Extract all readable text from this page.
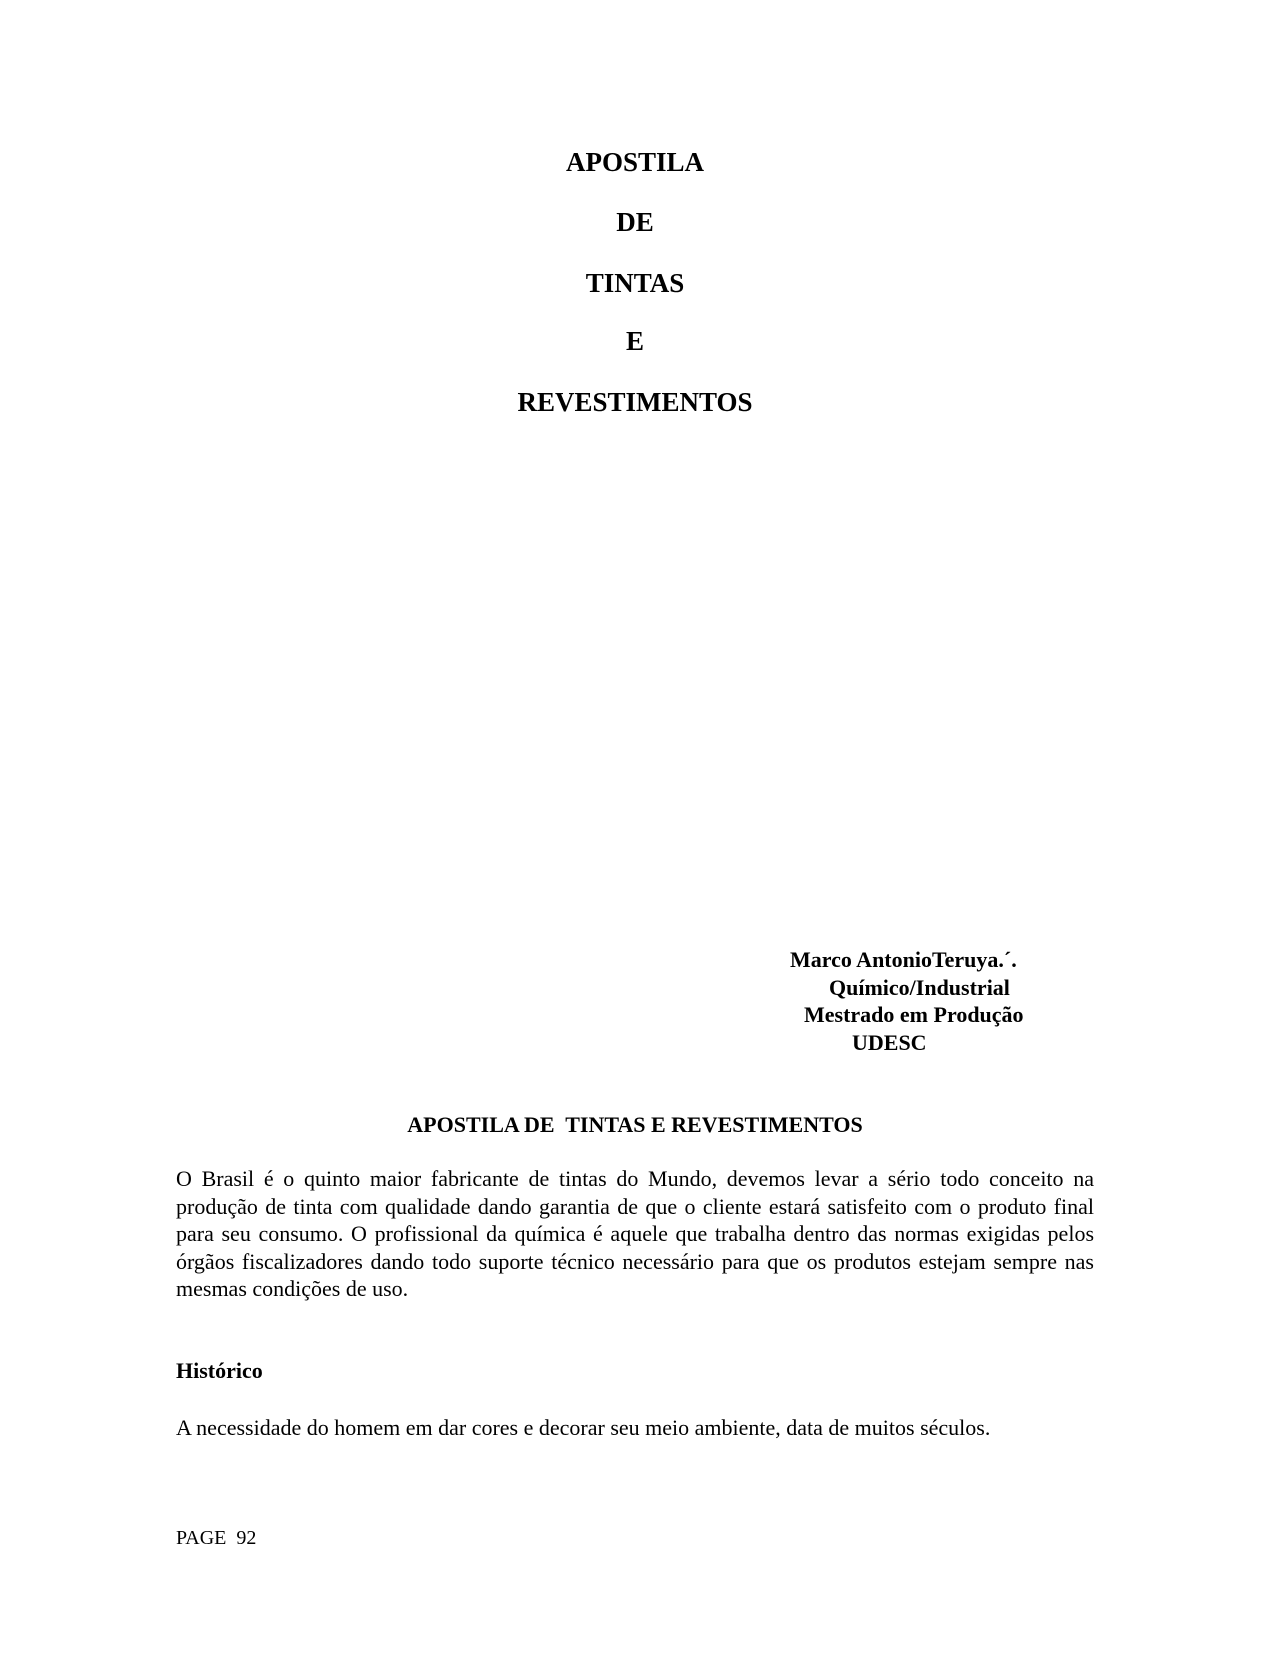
APOSTILA
DE
TINTAS
E
REVESTIMENTOS
Marco AntonioTeruya.´.
Químico/Industrial
Mestrado em Produção
UDESC
APOSTILA DE  TINTAS E REVESTIMENTOS

O Brasil é o quinto maior fabricante de tintas do Mundo, devemos levar a sério todo conceito na produção de tinta com qualidade dando garantia de que o cliente estará satisfeito com o produto final para seu consumo. O profissional da química é aquele que trabalha dentro das normas exigidas pelos órgãos fiscalizadores dando todo suporte técnico necessário para que os produtos estejam sempre nas mesmas condições de uso.

Histórico

A necessidade do homem em dar cores e decorar seu meio ambiente, data de muitos séculos.

PAGE  92
